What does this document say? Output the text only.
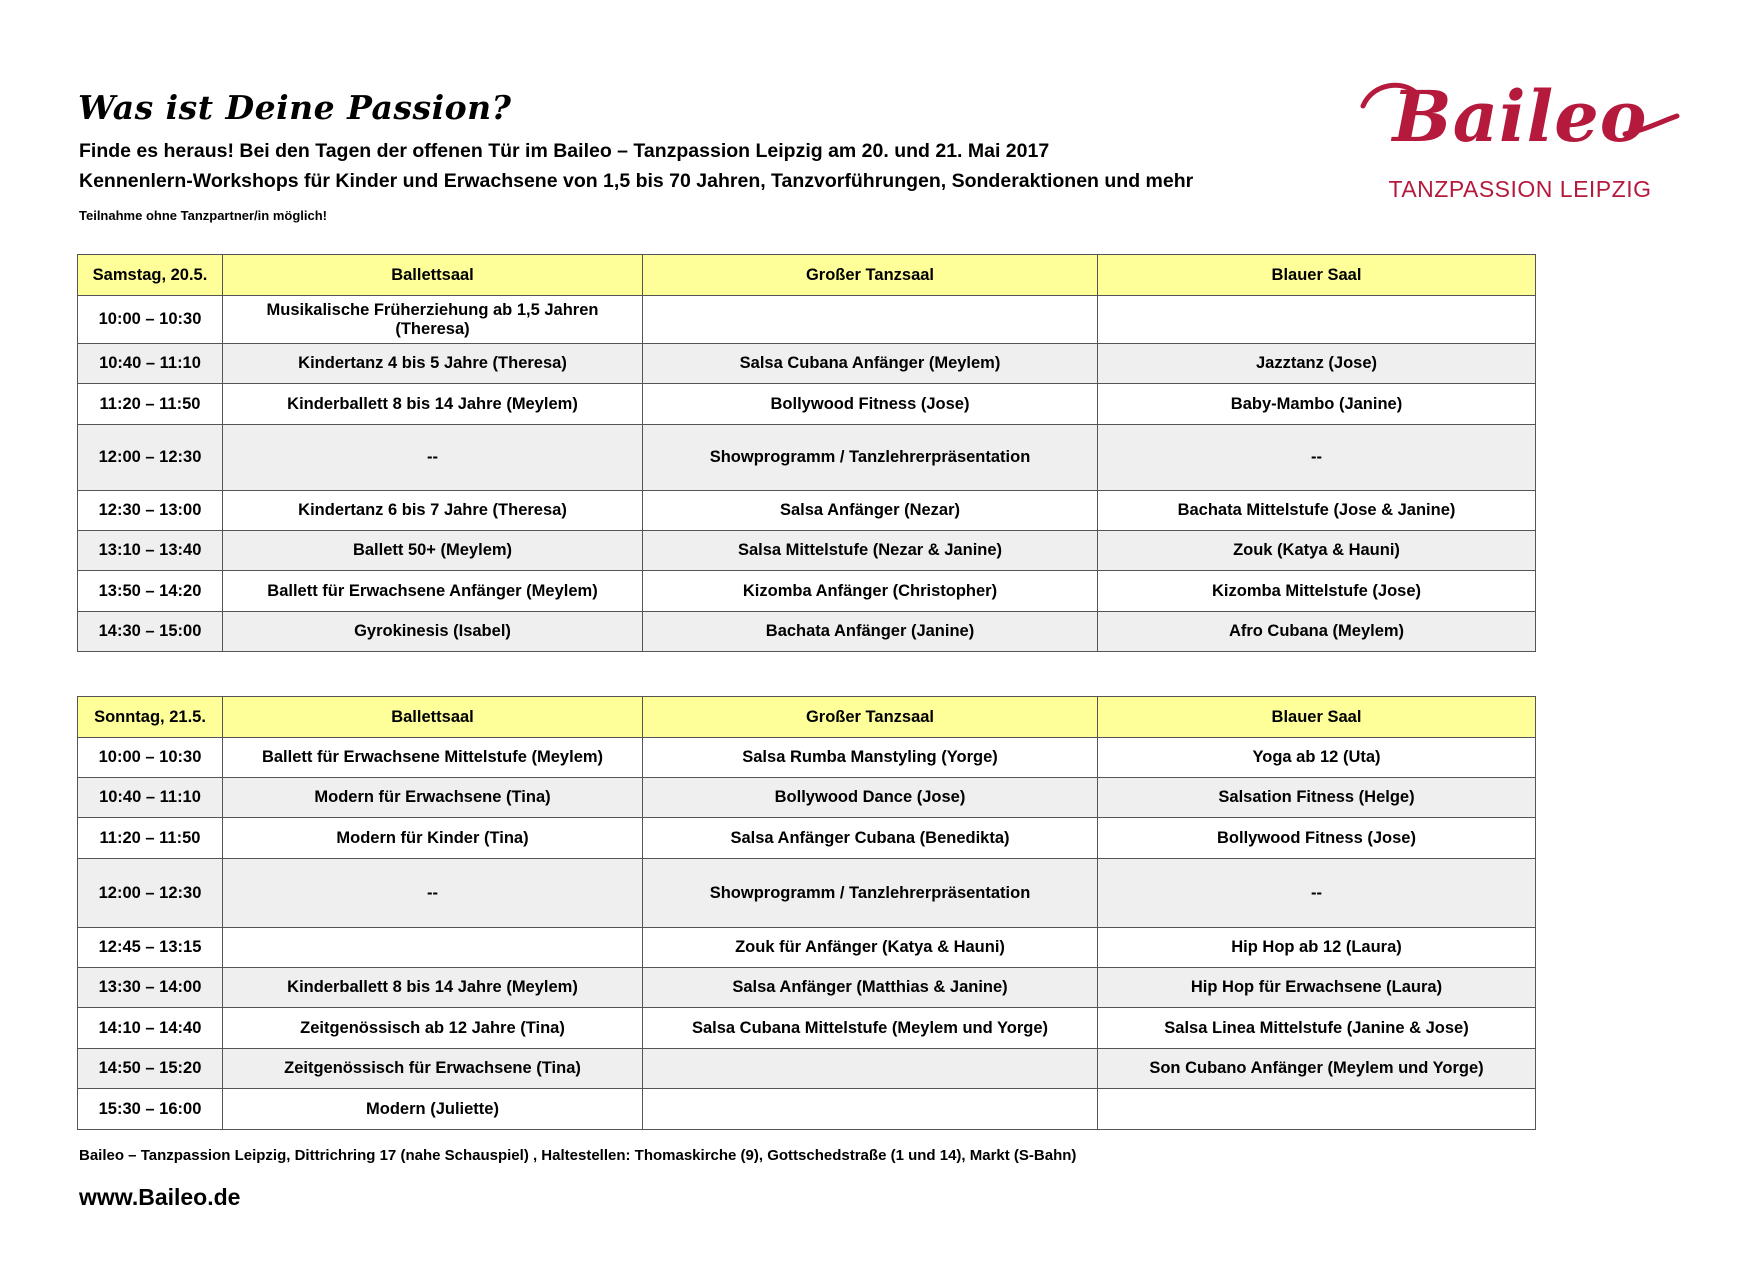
Was ist Deine Passion?
Finde es heraus! Bei den Tagen der offenen Tür im Baileo – Tanzpassion Leipzig am 20. und 21. Mai 2017
Kennenlern-Workshops für Kinder und Erwachsene von 1,5 bis 70 Jahren, Tanzvorführungen, Sonderaktionen und mehr
Teilnahme ohne Tanzpartner/in möglich!
Baileo
TANZPASSION LEIPZIG
Samstag, 20.5.	Ballettsaal	Großer Tanzsaal	Blauer Saal
10:00 – 10:30	Musikalische Früherziehung ab 1,5 Jahren (Theresa)		
10:40 – 11:10	Kindertanz 4 bis 5 Jahre (Theresa)	Salsa Cubana Anfänger (Meylem)	Jazztanz (Jose)
11:20 – 11:50	Kinderballett 8 bis 14 Jahre (Meylem)	Bollywood Fitness (Jose)	Baby-Mambo (Janine)
12:00 – 12:30	--	Showprogramm / Tanzlehrerpräsentation	--
12:30 – 13:00	Kindertanz 6 bis 7 Jahre (Theresa)	Salsa Anfänger (Nezar)	Bachata Mittelstufe (Jose & Janine)
13:10 – 13:40	Ballett 50+ (Meylem)	Salsa Mittelstufe (Nezar & Janine)	Zouk (Katya & Hauni)
13:50 – 14:20	Ballett für Erwachsene Anfänger (Meylem)	Kizomba Anfänger (Christopher)	Kizomba Mittelstufe (Jose)
14:30 – 15:00	Gyrokinesis (Isabel)	Bachata Anfänger (Janine)	Afro Cubana (Meylem)
Sonntag, 21.5.	Ballettsaal	Großer Tanzsaal	Blauer Saal
10:00 – 10:30	Ballett für Erwachsene Mittelstufe (Meylem)	Salsa Rumba Manstyling (Yorge)	Yoga ab 12 (Uta)
10:40 – 11:10	Modern für Erwachsene (Tina)	Bollywood Dance (Jose)	Salsation Fitness (Helge)
11:20 – 11:50	Modern für Kinder (Tina)	Salsa Anfänger Cubana (Benedikta)	Bollywood Fitness (Jose)
12:00 – 12:30	--	Showprogramm / Tanzlehrerpräsentation	--
12:45 – 13:15		Zouk für Anfänger (Katya & Hauni)	Hip Hop ab 12 (Laura)
13:30 – 14:00	Kinderballett 8 bis 14 Jahre (Meylem)	Salsa Anfänger (Matthias & Janine)	Hip Hop für Erwachsene (Laura)
14:10 – 14:40	Zeitgenössisch ab 12 Jahre (Tina)	Salsa Cubana Mittelstufe (Meylem und Yorge)	Salsa Linea Mittelstufe (Janine & Jose)
14:50 – 15:20	Zeitgenössisch für Erwachsene (Tina)		Son Cubano Anfänger (Meylem und Yorge)
15:30 – 16:00	Modern (Juliette)		
Baileo – Tanzpassion Leipzig, Dittrichring 17 (nahe Schauspiel) , Haltestellen: Thomaskirche (9), Gottschedstraße (1 und 14), Markt (S-Bahn)
www.Baileo.de
